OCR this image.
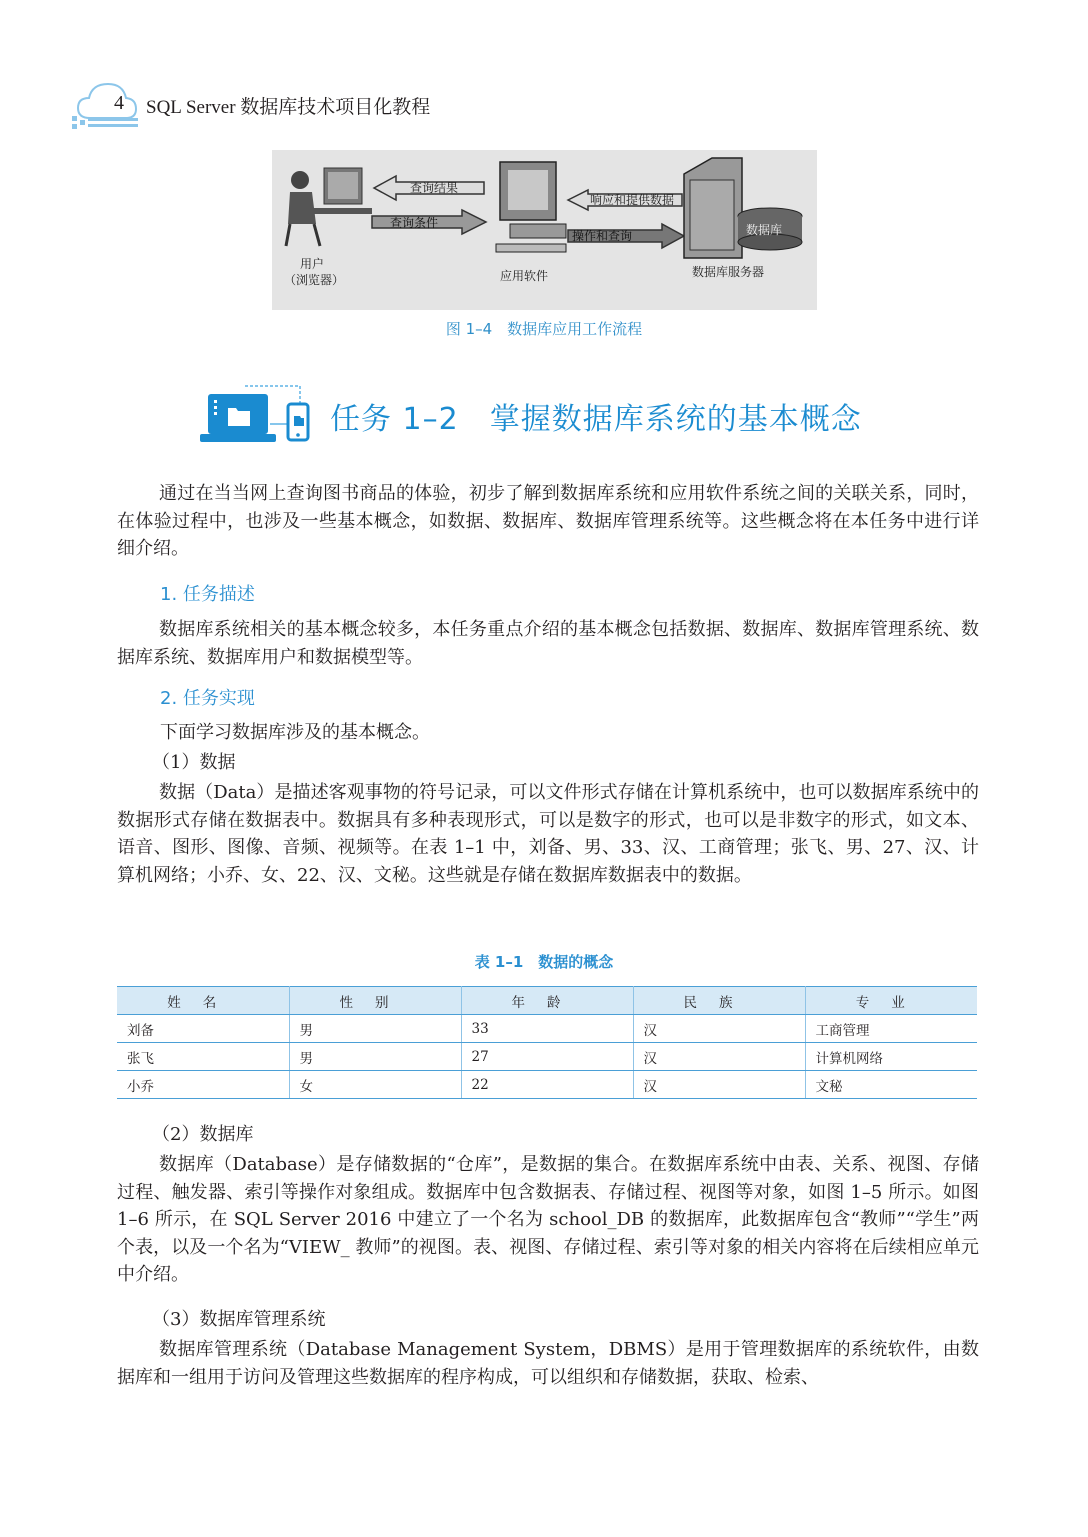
4	SQL Server 数据库技术项目化教程
查询结果
查询条件
响应和提供数据
操作和查询	数据库
用户
（浏览器）	应用软件	数据库服务器
图 1–4　数据库应用工作流程
任务 1–2　掌握数据库系统的基本概念
通过在当当网上查询图书商品的体验，初步了解到数据库系统和应用软件系统之间的关联关系，同时，在体验过程中，也涉及一些基本概念，如数据、数据库、数据库管理系统等。这些概念将在本任务中进行详细介绍。
1. 任务描述
数据库系统相关的基本概念较多，本任务重点介绍的基本概念包括数据、数据库、数据库管理系统、数据库系统、数据库用户和数据模型等。
2. 任务实现
下面学习数据库涉及的基本概念。
（1）数据
数据（Data）是描述客观事物的符号记录，可以文件形式存储在计算机系统中，也可以数据库系统中的数据形式存储在数据表中。数据具有多种表现形式，可以是数字的形式，也可以是非数字的形式，如文本、语音、图形、图像、音频、视频等。在表 1–1 中，刘备、男、33、汉、工商管理；张飞、男、27、汉、计算机网络；小乔、女、22、汉、文秘。这些就是存储在数据库数据表中的数据。
表 1–1　数据的概念
姓名	性别	年龄	民族	专业
刘备	男	33	汉	工商管理
张飞	男	27	汉	计算机网络
小乔	女	22	汉	文秘
（2）数据库
数据库（Database）是存储数据的“仓库”，是数据的集合。在数据库系统中由表、关系、视图、存储过程、触发器、索引等操作对象组成。数据库中包含数据表、存储过程、视图等对象，如图 1–5 所示。如图 1–6 所示，在 SQL Server 2016 中建立了一个名为 school_DB 的数据库，此数据库包含“教师”“学生”两个表，以及一个名为“VIEW_ 教师”的视图。表、视图、存储过程、索引等对象的相关内容将在后续相应单元中介绍。
（3）数据库管理系统
数据库管理系统（Database Management System，DBMS）是用于管理数据库的系统软件，由数据库和一组用于访问及管理这些数据库的程序构成，可以组织和存储数据，获取、检索、
